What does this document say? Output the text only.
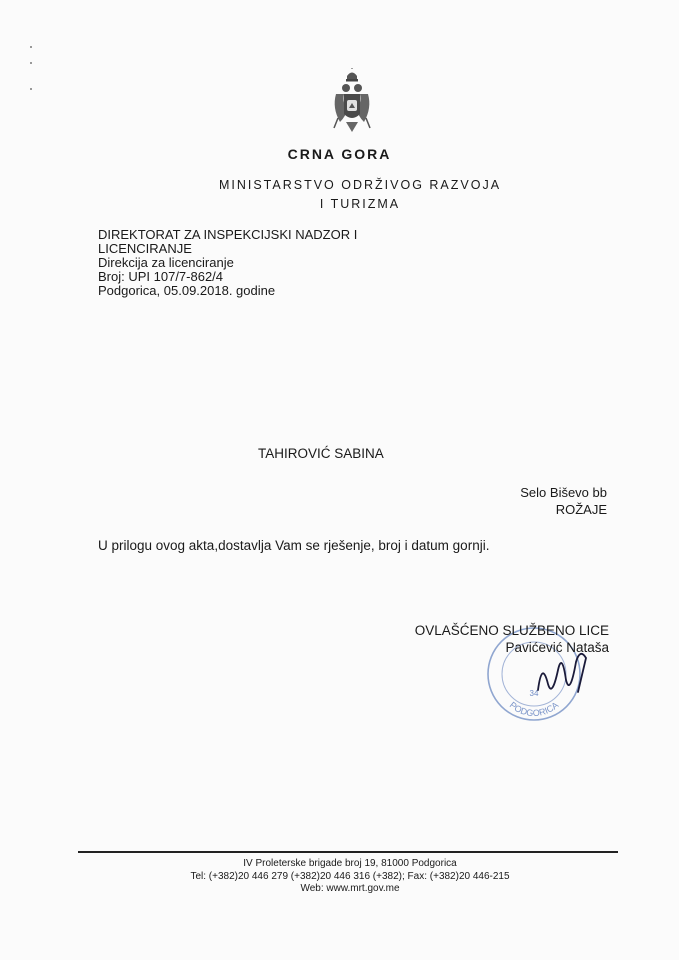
CRNA GORA
MINISTARSTVO ODRŽIVOG RAZVOJA
I TURIZMA
DIREKTORAT ZA INSPEKCIJSKI NADZOR I
LICENCIRANJE
Direkcija za licenciranje
Broj: UPI 107/7-862/4
Podgorica, 05.09.2018. godine
TAHIROVIĆ SABINA
Selo Biševo bb
ROŽAJE
U prilogu ovog akta,dostavlja Vam se rješenje, broj i datum gornji.
PODGORICA
34
OVLAŠĆENO SLUŽBENO LICE
Pavićević Nataša
IV Proleterske brigade broj 19, 81000 Podgorica
Tel: (+382)20 446 279 (+382)20 446 316 (+382); Fax: (+382)20 446-215
Web: www.mrt.gov.me
